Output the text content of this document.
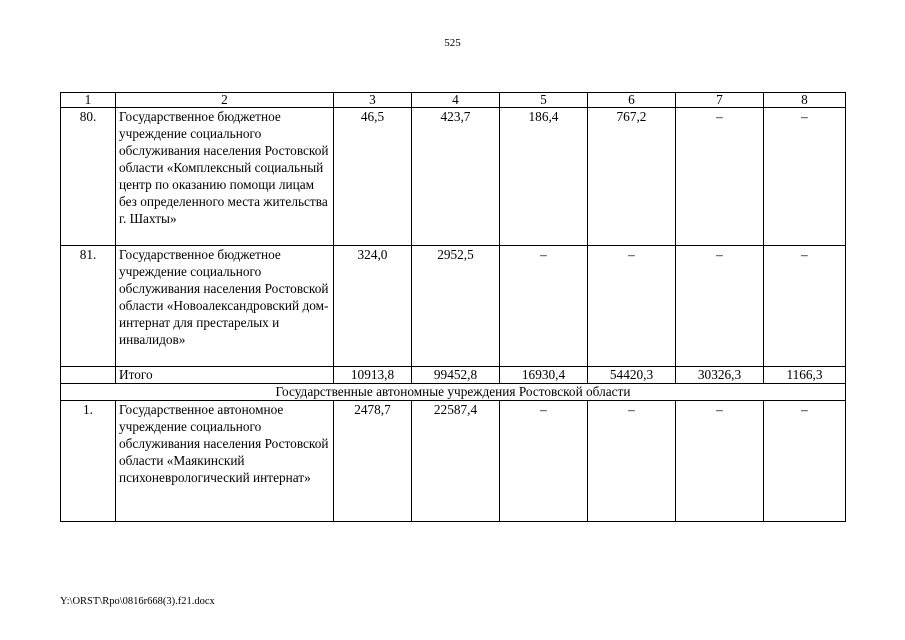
525
1	2	3	4	5	6	7	8
80.	Государственное бюджетное учреждение социального обслуживания населения Ростовской области «Комплексный социальный центр по оказанию помощи лицам без определенного места жительства г. Шахты»	46,5	423,7	186,4	767,2	–	–
81.	Государственное бюджетное учреждение социального обслуживания населения Ростовской области «Новоалександровский дом-интернат для престарелых и инвалидов»	324,0	2952,5	–	–	–	–
	Итого	10913,8	99452,8	16930,4	54420,3	30326,3	1166,3
Государственные автономные учреждения Ростовской области							
1.	Государственное автономное учреждение социального обслуживания населения Ростовской области «Маякинский психоневрологический интернат»	2478,7	22587,4	–	–	–	–
Y:\ORST\Rpo\0816r668(3).f21.docx
